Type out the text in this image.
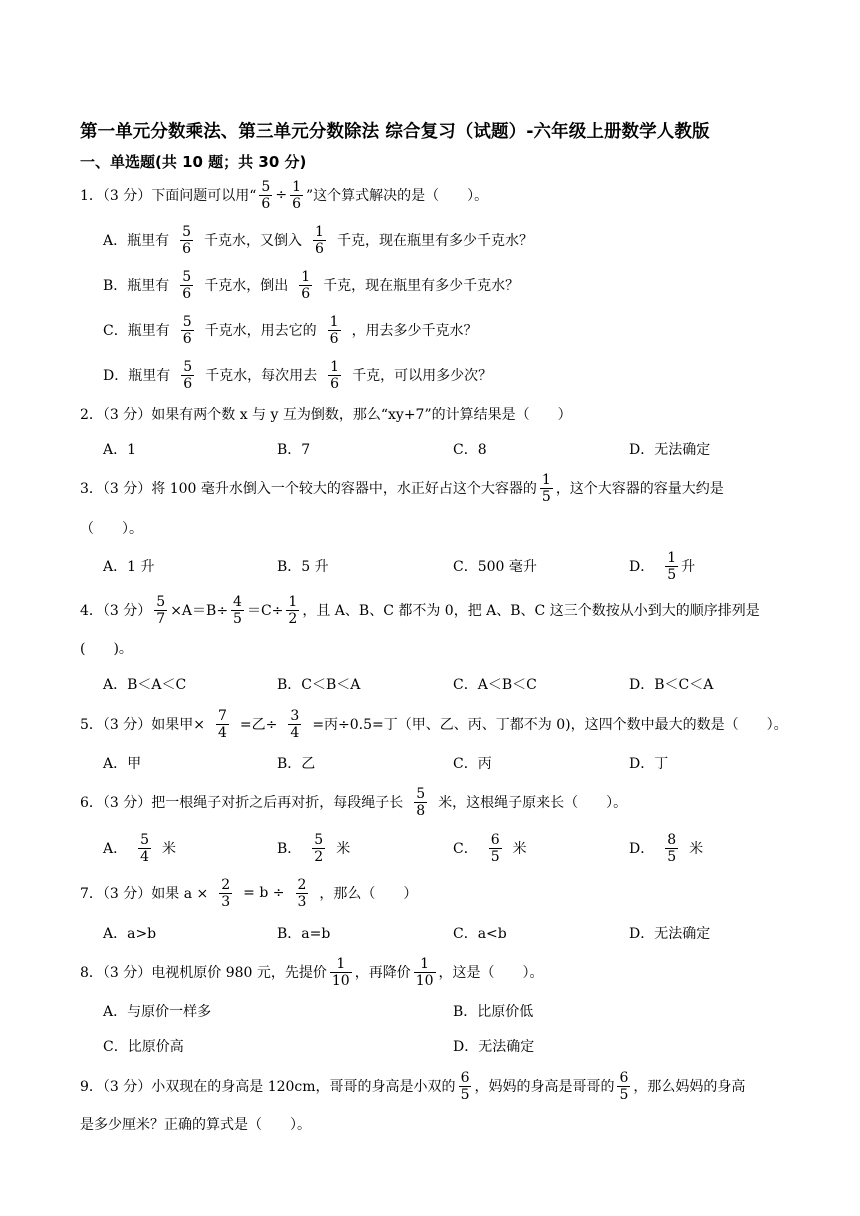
第一单元分数乘法、第三单元分数除法 综合复习（试题）-六年级上册数学人教版
一、单选题(共 10 题；共 30 分)
1．（3 分）下面问题可以用“ $\frac{5}{6} \div \frac{1}{6}$ ”这个算式解决的是（　　）。
A．瓶里有 $\frac{5}{6}$ 千克水，又倒入 $\frac{1}{6}$ 千克，现在瓶里有多少千克水？
B．瓶里有 $\frac{5}{6}$ 千克水，倒出 $\frac{1}{6}$ 千克，现在瓶里有多少千克水？
C．瓶里有 $\frac{5}{6}$ 千克水，用去它的 $\frac{1}{6}$ ，用去多少千克水？
D．瓶里有 $\frac{5}{6}$ 千克水，每次用去 $\frac{1}{6}$ 千克，可以用多少次？
2．（3 分）如果有两个数 x 与 y 互为倒数，那么“xy+7”的计算结果是（　　）
A．1	B．7	C．8	D．无法确定
3．（3 分）将 100 毫升水倒入一个较大的容器中，水正好占这个大容器的 $\frac{1}{5}$ ，这个大容器的容量大约是
（　　）。
A．1 升	B．5 升	C．500 毫升	D． $\frac{1}{5}$ 升
4．（3 分） $\frac{5}{7} \times A=B\div \frac{4}{5} =C\div \frac{1}{2}$ ，且 A、B、C 都不为 0，把 A、B、C 这三个数按从小到大的顺序排列是
(　　)。
A．B＜A＜C	B．C＜B＜A	C．A＜B＜C	D．B＜C＜A
5．（3 分）如果甲× $\frac{7}{4}$ =乙÷ $\frac{3}{4}$ =丙÷0.5=丁（甲、乙、丙、丁都不为 0)，这四个数中最大的数是（　　）。
A．甲	B．乙	C．丙	D．丁
6．（3 分）把一根绳子对折之后再对折，每段绳子长 $\frac{5}{8}$ 米，这根绳子原来长（　　）。
A． $\frac{5}{4}$ 米	B． $\frac{5}{2}$ 米	C． $\frac{6}{5}$ 米	D． $\frac{8}{5}$ 米
7．（3 分）如果 $a \times \frac{2}{3} = b \div \frac{2}{3}$ ，那么（　　）
A．a>b	B．a=b	C．a<b	D．无法确定
8．（3 分）电视机原价 980 元，先提价 $\frac{1}{10}$ ，再降价 $\frac{1}{10}$ ，这是（　　）。
A．与原价一样多	B．比原价低
C．比原价高	D．无法确定
9．（3 分）小双现在的身高是 120cm，哥哥的身高是小双的 $\frac{6}{5}$ ，妈妈的身高是哥哥的 $\frac{6}{5}$ ，那么妈妈的身高
是多少厘米？正确的算式是（　　）。
